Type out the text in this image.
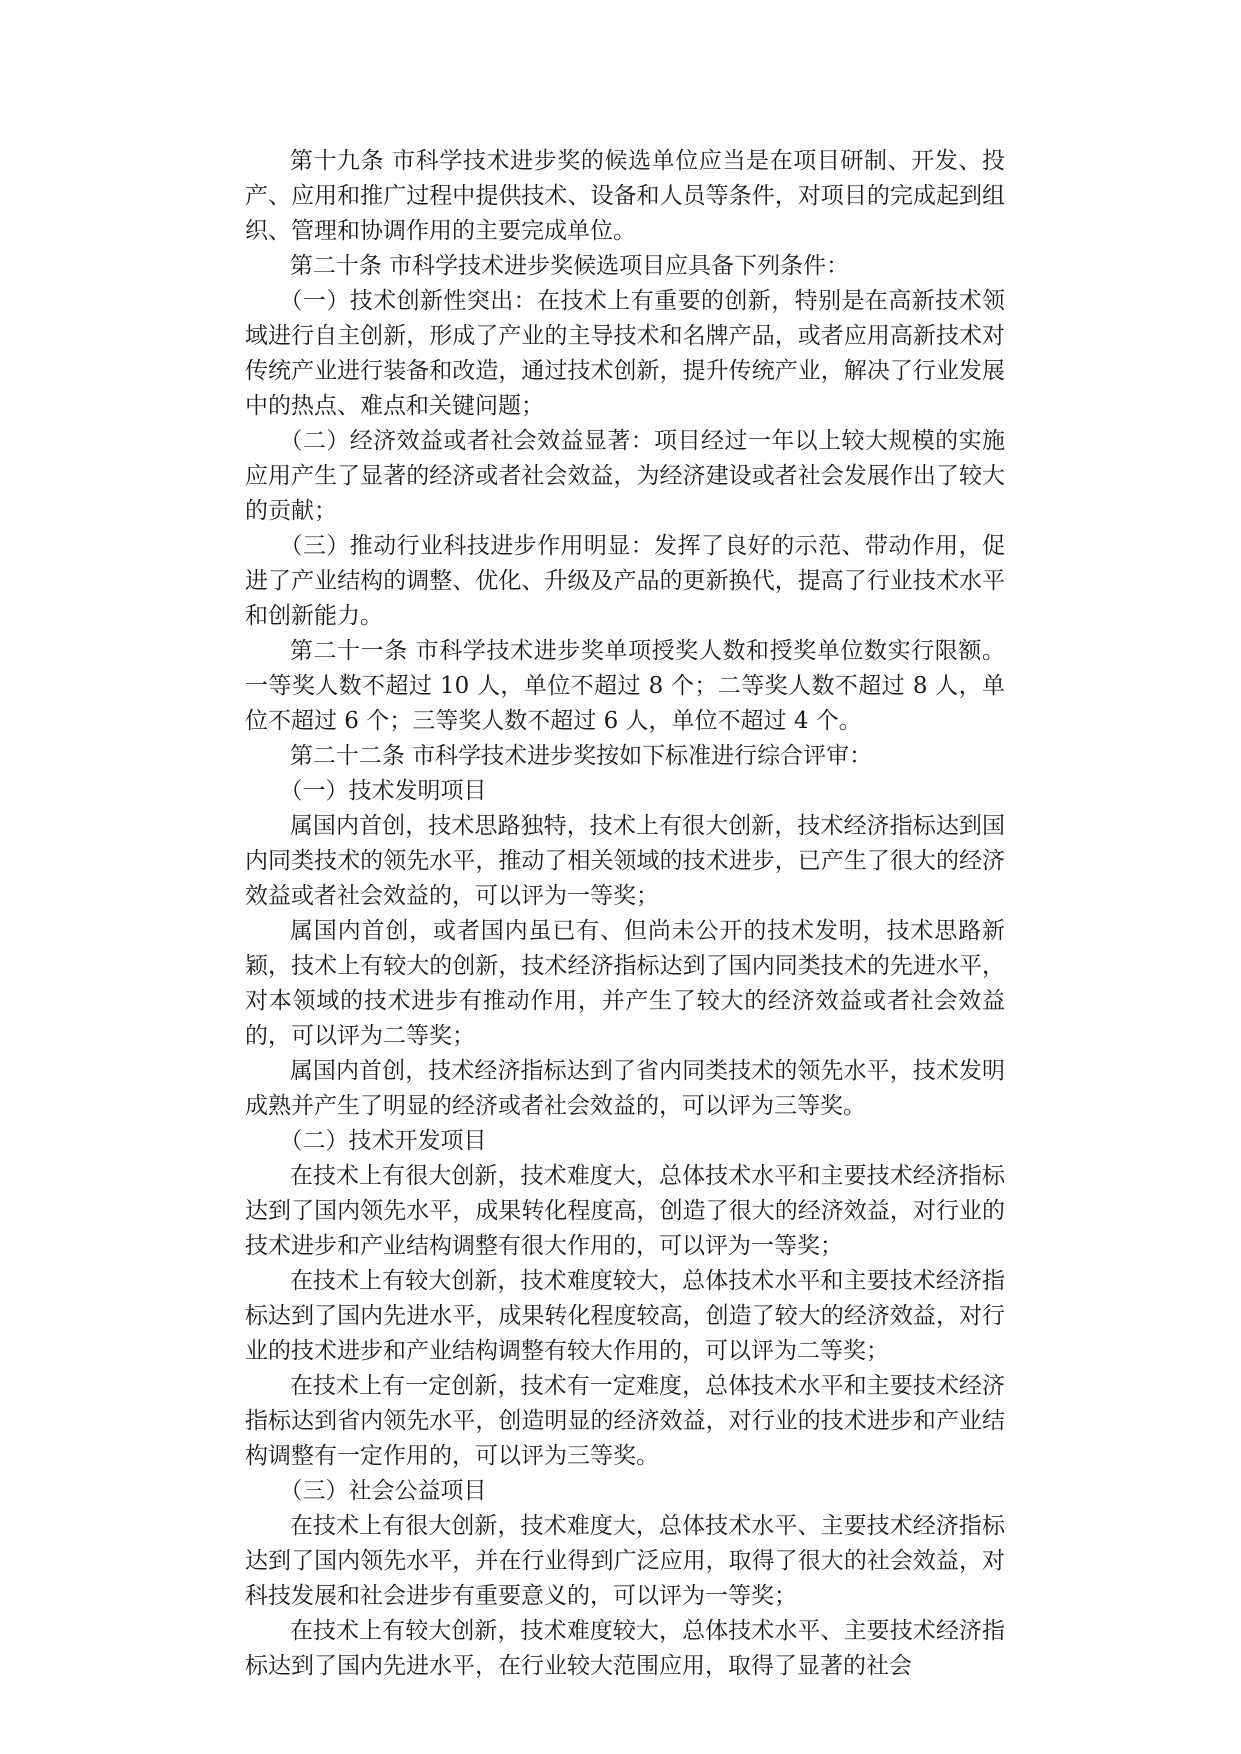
第十九条 市科学技术进步奖的候选单位应当是在项目研制、开发、投产、应用和推广过程中提供技术、设备和人员等条件，对项目的完成起到组织、管理和协调作用的主要完成单位。

第二十条 市科学技术进步奖候选项目应具备下列条件：

（一）技术创新性突出：在技术上有重要的创新，特别是在高新技术领域进行自主创新，形成了产业的主导技术和名牌产品，或者应用高新技术对传统产业进行装备和改造，通过技术创新，提升传统产业，解决了行业发展中的热点、难点和关键问题；

（二）经济效益或者社会效益显著：项目经过一年以上较大规模的实施应用产生了显著的经济或者社会效益，为经济建设或者社会发展作出了较大的贡献；

（三）推动行业科技进步作用明显：发挥了良好的示范、带动作用，促进了产业结构的调整、优化、升级及产品的更新换代，提高了行业技术水平和创新能力。

第二十一条 市科学技术进步奖单项授奖人数和授奖单位数实行限额。一等奖人数不超过 10 人，单位不超过 8 个；二等奖人数不超过 8 人，单位不超过 6 个；三等奖人数不超过 6 人，单位不超过 4 个。

第二十二条 市科学技术进步奖按如下标准进行综合评审：

（一）技术发明项目

属国内首创，技术思路独特，技术上有很大创新，技术经济指标达到国内同类技术的领先水平，推动了相关领域的技术进步，已产生了很大的经济效益或者社会效益的，可以评为一等奖；

属国内首创，或者国内虽已有、但尚未公开的技术发明，技术思路新颖，技术上有较大的创新，技术经济指标达到了国内同类技术的先进水平，对本领域的技术进步有推动作用，并产生了较大的经济效益或者社会效益的，可以评为二等奖；

属国内首创，技术经济指标达到了省内同类技术的领先水平，技术发明成熟并产生了明显的经济或者社会效益的，可以评为三等奖。

（二）技术开发项目

在技术上有很大创新，技术难度大，总体技术水平和主要技术经济指标达到了国内领先水平，成果转化程度高，创造了很大的经济效益，对行业的技术进步和产业结构调整有很大作用的，可以评为一等奖；

在技术上有较大创新，技术难度较大，总体技术水平和主要技术经济指标达到了国内先进水平，成果转化程度较高，创造了较大的经济效益，对行业的技术进步和产业结构调整有较大作用的，可以评为二等奖；

在技术上有一定创新，技术有一定难度，总体技术水平和主要技术经济指标达到省内领先水平，创造明显的经济效益，对行业的技术进步和产业结构调整有一定作用的，可以评为三等奖。

（三）社会公益项目

在技术上有很大创新，技术难度大，总体技术水平、主要技术经济指标达到了国内领先水平，并在行业得到广泛应用，取得了很大的社会效益，对科技发展和社会进步有重要意义的，可以评为一等奖；

在技术上有较大创新，技术难度较大，总体技术水平、主要技术经济指标达到了国内先进水平，在行业较大范围应用，取得了显著的社会
